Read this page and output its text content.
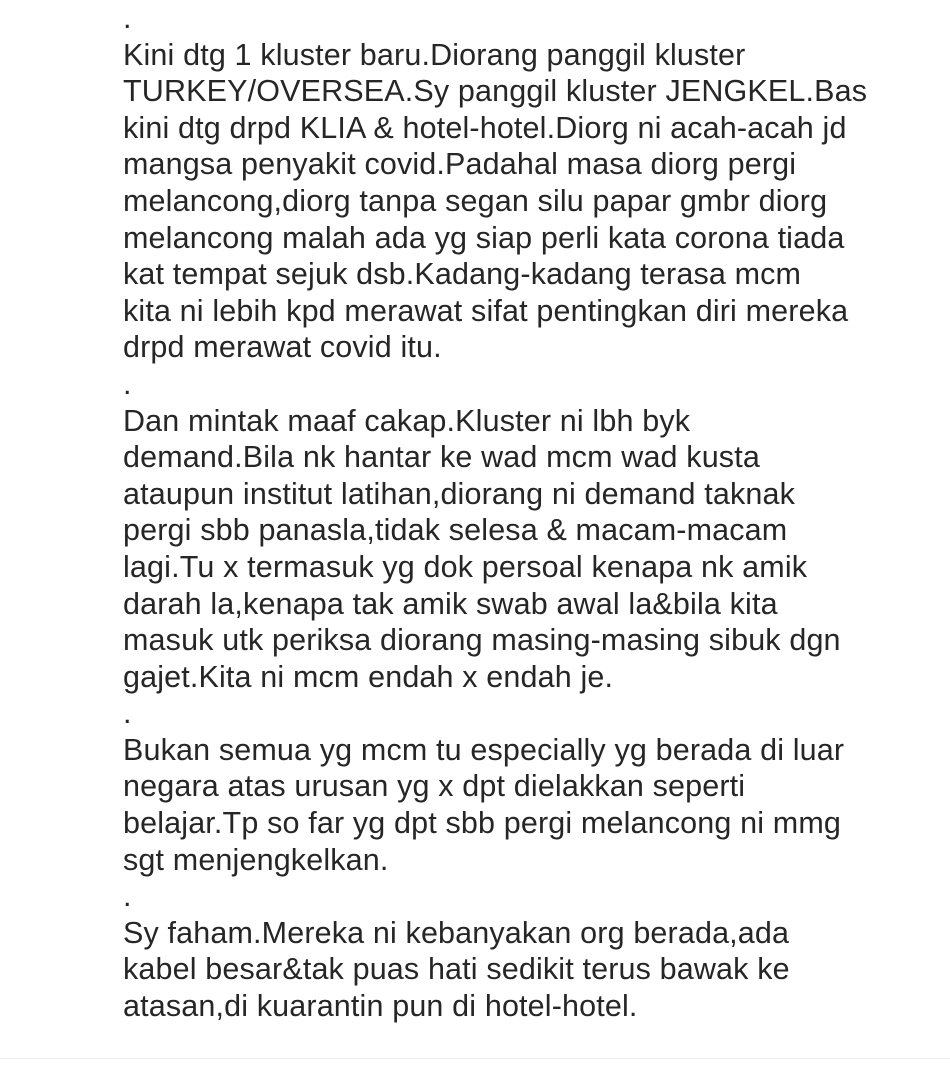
.
Kini dtg 1 kluster baru.Diorang panggil kluster
TURKEY/OVERSEA.Sy panggil kluster JENGKEL.Bas
kini dtg drpd KLIA & hotel-hotel.Diorg ni acah-acah jd
mangsa penyakit covid.Padahal masa diorg pergi
melancong,diorg tanpa segan silu papar gmbr diorg
melancong malah ada yg siap perli kata corona tiada
kat tempat sejuk dsb.Kadang-kadang terasa mcm
kita ni lebih kpd merawat sifat pentingkan diri mereka
drpd merawat covid itu.
.
Dan mintak maaf cakap.Kluster ni lbh byk
demand.Bila nk hantar ke wad mcm wad kusta
ataupun institut latihan,diorang ni demand taknak
pergi sbb panasla,tidak selesa & macam-macam
lagi.Tu x termasuk yg dok persoal kenapa nk amik
darah la,kenapa tak amik swab awal la&bila kita
masuk utk periksa diorang masing-masing sibuk dgn
gajet.Kita ni mcm endah x endah je.
.
Bukan semua yg mcm tu especially yg berada di luar
negara atas urusan yg x dpt dielakkan seperti
belajar.Tp so far yg dpt sbb pergi melancong ni mmg
sgt menjengkelkan.
.
Sy faham.Mereka ni kebanyakan org berada,ada
kabel besar&tak puas hati sedikit terus bawak ke
atasan,di kuarantin pun di hotel-hotel.
